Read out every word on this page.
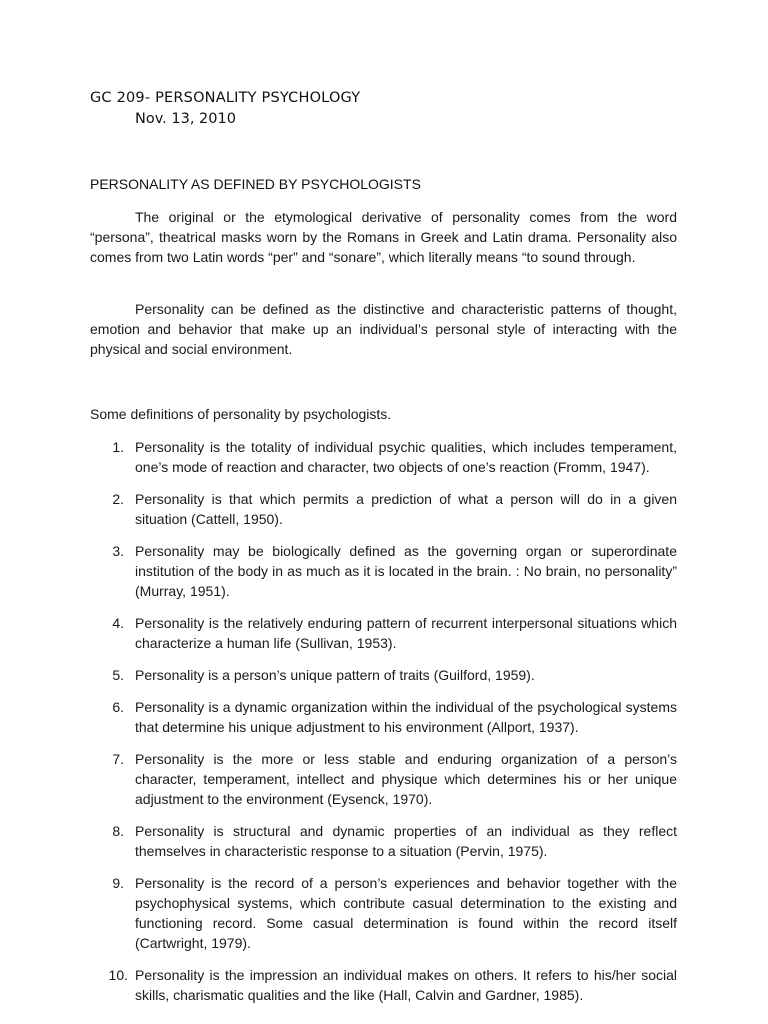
GC 209- PERSONALITY PSYCHOLOGY
Nov. 13, 2010
PERSONALITY AS DEFINED BY PSYCHOLOGISTS

The original or the etymological derivative of personality comes from the word “persona”, theatrical masks worn by the Romans in Greek and Latin drama. Personality also comes from two Latin words “per” and “sonare”, which literally means “to sound through.

Personality can be defined as the distinctive and characteristic patterns of thought, emotion and behavior that make up an individual’s personal style of interacting with the physical and social environment.

Some definitions of personality by psychologists.

1. Personality is the totality of individual psychic qualities, which includes temperament, one’s mode of reaction and character, two objects of one’s reaction (Fromm, 1947).
2. Personality is that which permits a prediction of what a person will do in a given situation (Cattell, 1950).
3. Personality may be biologically defined as the governing organ or superordinate institution of the body in as much as it is located in the brain. : No brain, no personality” (Murray, 1951).
4. Personality is the relatively enduring pattern of recurrent interpersonal situations which characterize a human life (Sullivan, 1953).
5. Personality is a person’s unique pattern of traits (Guilford, 1959).
6. Personality is a dynamic organization within the individual of the psychological systems that determine his unique adjustment to his environment (Allport, 1937).
7. Personality is the more or less stable and enduring organization of a person’s character, temperament, intellect and physique which determines his or her unique adjustment to the environment (Eysenck, 1970).
8. Personality is structural and dynamic properties of an individual as they reflect themselves in characteristic response to a situation (Pervin, 1975).
9. Personality is the record of a person’s experiences and behavior together with the psychophysical systems, which contribute casual determination to the existing and functioning record. Some casual determination is found within the record itself (Cartwright, 1979).
10. Personality is the impression an individual makes on others. It refers to his/her social skills, charismatic qualities and the like (Hall, Calvin and Gardner, 1985).
